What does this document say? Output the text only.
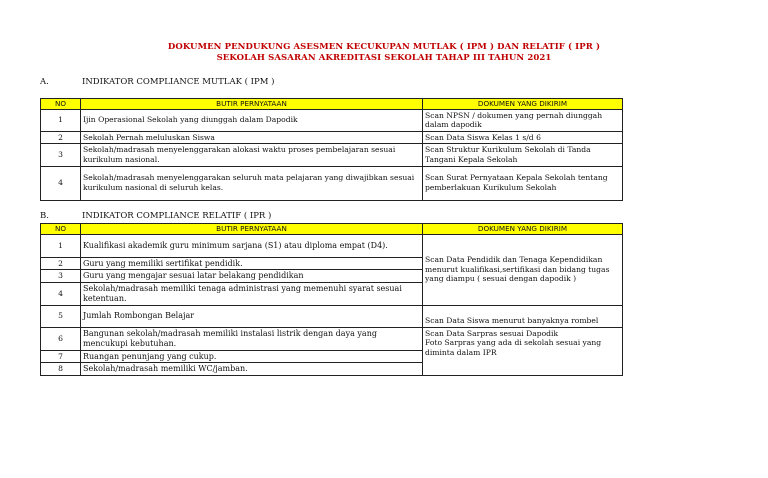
DOKUMEN PENDUKUNG ASESMEN KECUKUPAN MUTLAK ( IPM ) DAN RELATIF ( IPR )
SEKOLAH SASARAN AKREDITASI SEKOLAH TAHAP III TAHUN 2021
A.	INDIKATOR COMPLIANCE MUTLAK ( IPM )
NO	BUTIR PERNYATAAN	DOKUMEN YANG DIKIRIM
1	Ijin Operasional Sekolah yang diunggah dalam Dapodik	Scan NPSN / dokumen yang pernah diunggah dalam dapodik
2	Sekolah Pernah meluluskan Siswa	Scan Data Siswa Kelas 1 s/d 6
3	Sekolah/madrasah menyelenggarakan alokasi waktu proses pembelajaran sesuai kurikulum nasional.	Scan Struktur Kurikulum Sekolah di Tanda Tangani Kepala Sekolah
4	Sekolah/madrasah menyelenggarakan seluruh mata pelajaran yang diwajibkan sesuai kurikulum nasional di seluruh kelas.	Scan Surat Pernyataan Kepala Sekolah tentang pemberlakuan Kurikulum Sekolah
B.	INDIKATOR COMPLIANCE RELATIF ( IPR )
NO	BUTIR PERNYATAAN	DOKUMEN YANG DIKIRIM
1	Kualifikasi akademik guru minimum sarjana (S1) atau diploma empat (D4).	Scan Data Pendidik dan Tenaga Kependidikan menurut kualifikasi,sertifikasi dan bidang tugas yang diampu ( sesuai dengan dapodik )
2	Guru yang memiliki sertifikat pendidik.	
3	Guru yang mengajar sesuai latar belakang pendidikan	
4	Sekolah/madrasah memiliki tenaga administrasi yang memenuhi syarat sesuai ketentuan.	
5	Jumlah Rombongan Belajar	Scan Data Siswa menurut banyaknya rombel
6	Bangunan sekolah/madrasah memiliki instalasi listrik dengan daya yang mencukupi kebutuhan.	Scan Data Sarpras sesuai Dapodik
Foto Sarpras yang ada di sekolah sesuai yang diminta dalam IPR

7	Ruangan penunjang yang cukup.	
8	Sekolah/madrasah memiliki WC/jamban.	
